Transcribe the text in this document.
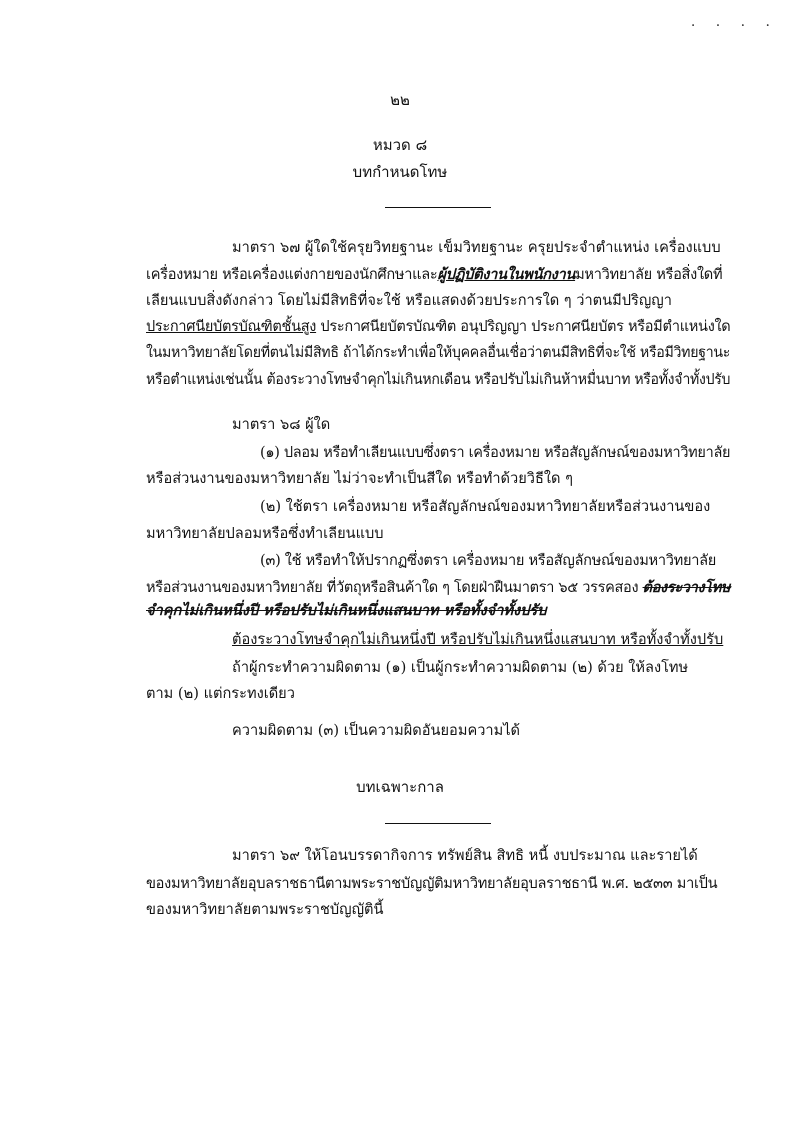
. . . .
๒๒
หมวด ๘
บทกำหนดโทษ
มาตรา ๖๗ ผู้ใดใช้ครุยวิทยฐานะ เข็มวิทยฐานะ ครุยประจำตำแหน่ง เครื่องแบบ
เครื่องหมาย หรือเครื่องแต่งกายของนักศึกษาและผู้ปฏิบัติงานในพนักงานมหาวิทยาลัย หรือสิ่งใดที่
เลียนแบบสิ่งดังกล่าว โดยไม่มีสิทธิที่จะใช้ หรือแสดงด้วยประการใด ๆ ว่าตนมีปริญญา
ประกาศนียบัตรบัณฑิตชั้นสูง ประกาศนียบัตรบัณฑิต อนุปริญญา ประกาศนียบัตร หรือมีตำแหน่งใด
ในมหาวิทยาลัยโดยที่ตนไม่มีสิทธิ ถ้าได้กระทำเพื่อให้บุคคลอื่นเชื่อว่าตนมีสิทธิที่จะใช้ หรือมีวิทยฐานะ
หรือตำแหน่งเช่นนั้น ต้องระวางโทษจำคุกไม่เกินหกเดือน หรือปรับไม่เกินห้าหมื่นบาท หรือทั้งจำทั้งปรับ
มาตรา ๖๘ ผู้ใด
(๑) ปลอม หรือทำเลียนแบบซึ่งตรา เครื่องหมาย หรือสัญลักษณ์ของมหาวิทยาลัย
หรือส่วนงานของมหาวิทยาลัย ไม่ว่าจะทำเป็นสีใด หรือทำด้วยวิธีใด ๆ
(๒) ใช้ตรา เครื่องหมาย หรือสัญลักษณ์ของมหาวิทยาลัยหรือส่วนงานของ
มหาวิทยาลัยปลอมหรือซึ่งทำเลียนแบบ
(๓) ใช้ หรือทำให้ปรากฏซึ่งตรา เครื่องหมาย หรือสัญลักษณ์ของมหาวิทยาลัย
หรือส่วนงานของมหาวิทยาลัย ที่วัตถุหรือสินค้าใด ๆ โดยฝ่าฝืนมาตรา ๖๕ วรรคสอง ต้องระวางโทษ
จำคุกไม่เกินหนึ่งปี หรือปรับไม่เกินหนึ่งแสนบาท หรือทั้งจำทั้งปรับ
ต้องระวางโทษจำคุกไม่เกินหนึ่งปี หรือปรับไม่เกินหนึ่งแสนบาท หรือทั้งจำทั้งปรับ
ถ้าผู้กระทำความผิดตาม (๑) เป็นผู้กระทำความผิดตาม (๒) ด้วย ให้ลงโทษ
ตาม (๒) แต่กระทงเดียว
ความผิดตาม (๓) เป็นความผิดอันยอมความได้
บทเฉพาะกาล
มาตรา ๖๙ ให้โอนบรรดากิจการ ทรัพย์สิน สิทธิ หนี้ งบประมาณ และรายได้
ของมหาวิทยาลัยอุบลราชธานีตามพระราชบัญญัติมหาวิทยาลัยอุบลราชธานี พ.ศ. ๒๕๓๓ มาเป็น
ของมหาวิทยาลัยตามพระราชบัญญัตินี้
